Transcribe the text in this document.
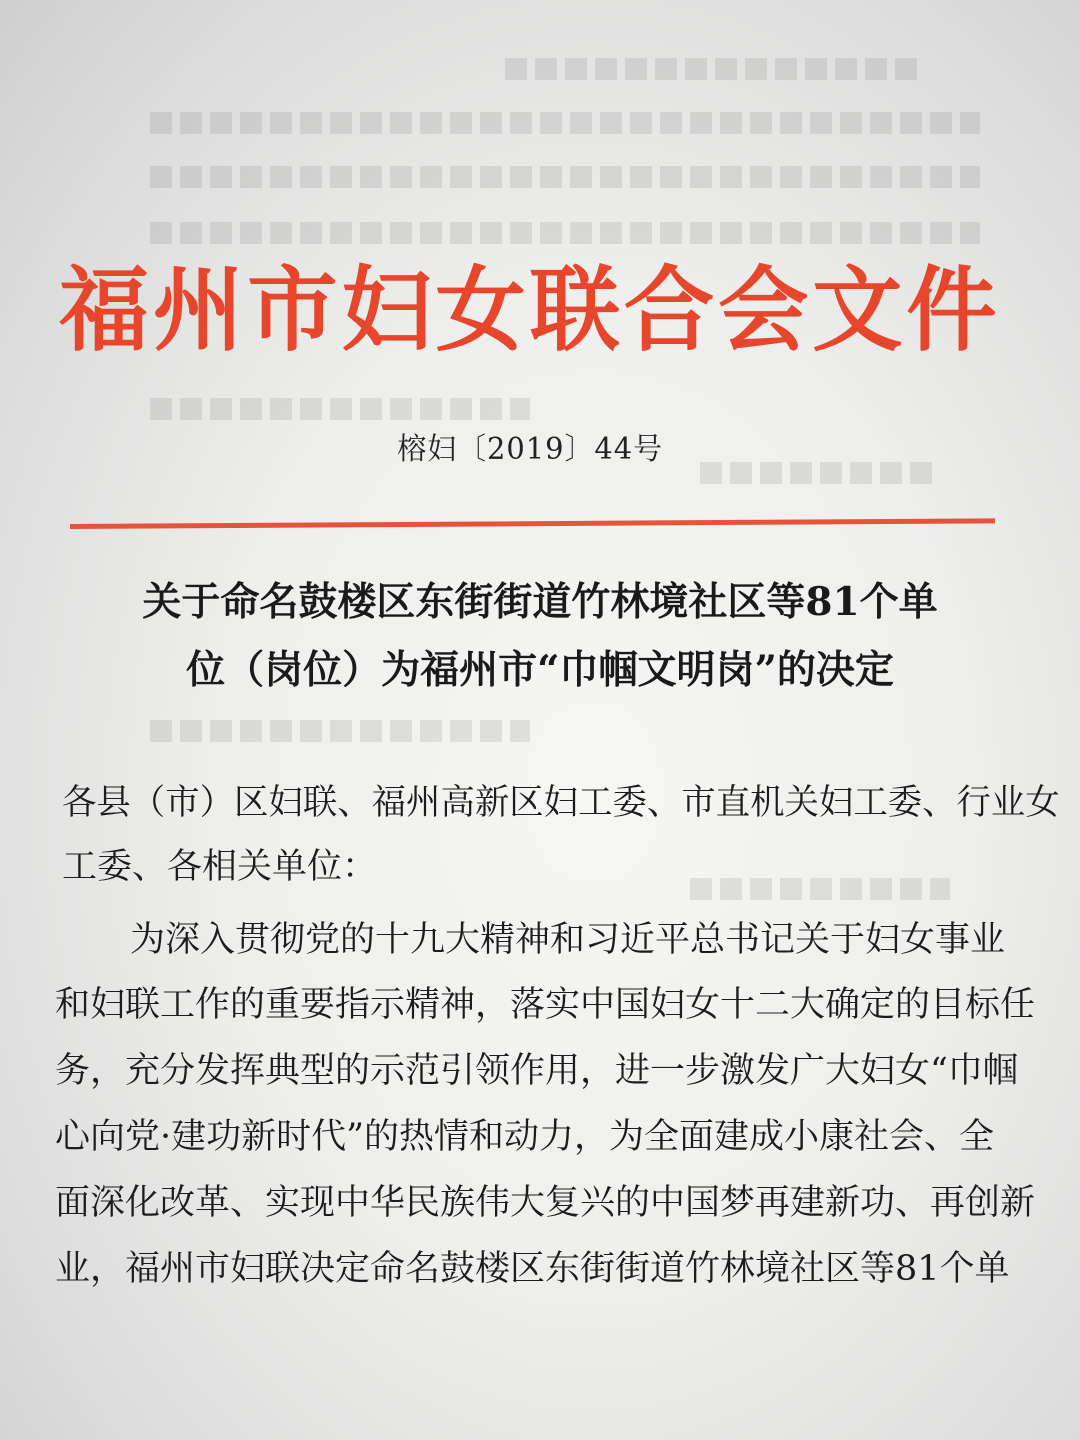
福州市妇女联合会文件
榕妇〔2019〕44号
关于命名鼓楼区东街街道竹林境社区等81个单
位（岗位）为福州市“巾帼文明岗”的决定
各县（市）区妇联、福州高新区妇工委、市直机关妇工委、行业女
工委、各相关单位：
为深入贯彻党的十九大精神和习近平总书记关于妇女事业
和妇联工作的重要指示精神，落实中国妇女十二大确定的目标任
务，充分发挥典型的示范引领作用，进一步激发广大妇女“巾帼
心向党·建功新时代”的热情和动力，为全面建成小康社会、全
面深化改革、实现中华民族伟大复兴的中国梦再建新功、再创新
业，福州市妇联决定命名鼓楼区东街街道竹林境社区等81个单
